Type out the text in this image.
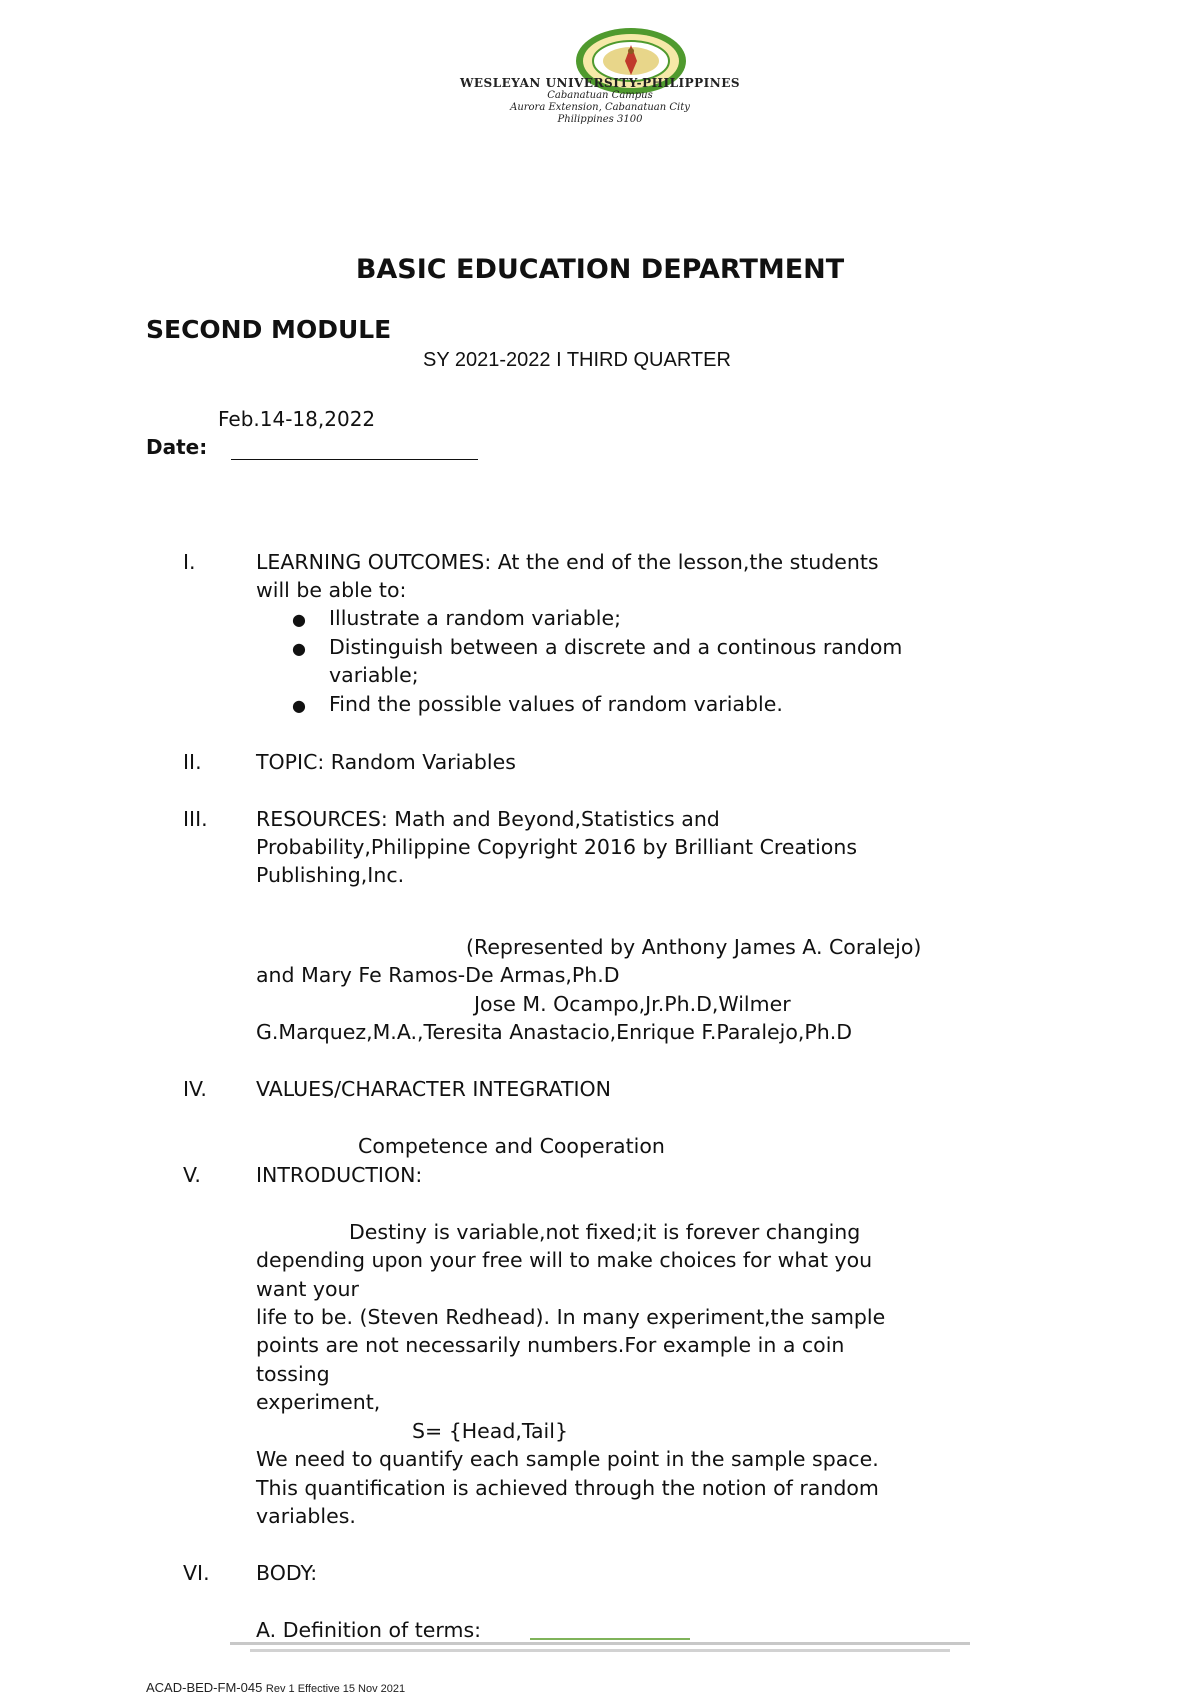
WESLEYAN UNIVERSITY-PHILIPPINES
Cabanatuan Campus
Aurora Extension, Cabanatuan City
Philippines 3100
BASIC EDUCATION DEPARTMENT
SECOND MODULE
SY 2021-2022 I THIRD QUARTER
Feb.14-18,2022
Date:
I.	LEARNING OUTCOMES: At the end of the lesson,the students
will be able to:
● Illustrate a random variable;
● Distinguish between a discrete and a continous random
variable;
● Find the possible values of random variable.
II.	TOPIC: Random Variables
III. RESOURCES: Math and Beyond,Statistics and
Probability,Philippine Copyright 2016 by Brilliant Creations
Publishing,Inc.
(Represented by Anthony James A. Coralejo)
and Mary Fe Ramos-De Armas,Ph.D
Jose M. Ocampo,Jr.Ph.D,Wilmer
G.Marquez,M.A.,Teresita Anastacio,Enrique F.Paralejo,Ph.D
IV. VALUES/CHARACTER INTEGRATION
Competence and Cooperation
V.	INTRODUCTION:
Destiny is variable,not fixed;it is forever changing
depending upon your free will to make choices for what you
want your
life to be. (Steven Redhead). In many experiment,the sample
points are not necessarily numbers.For example in a coin
tossing
experiment,
S= {Head,Tail}
We need to quantify each sample point in the sample space.
This quantification is achieved through the notion of random
variables.
VI. BODY:
A. Definition of terms:
ACAD-BED-FM-045 Rev 1 Effective 15 Nov 2021
